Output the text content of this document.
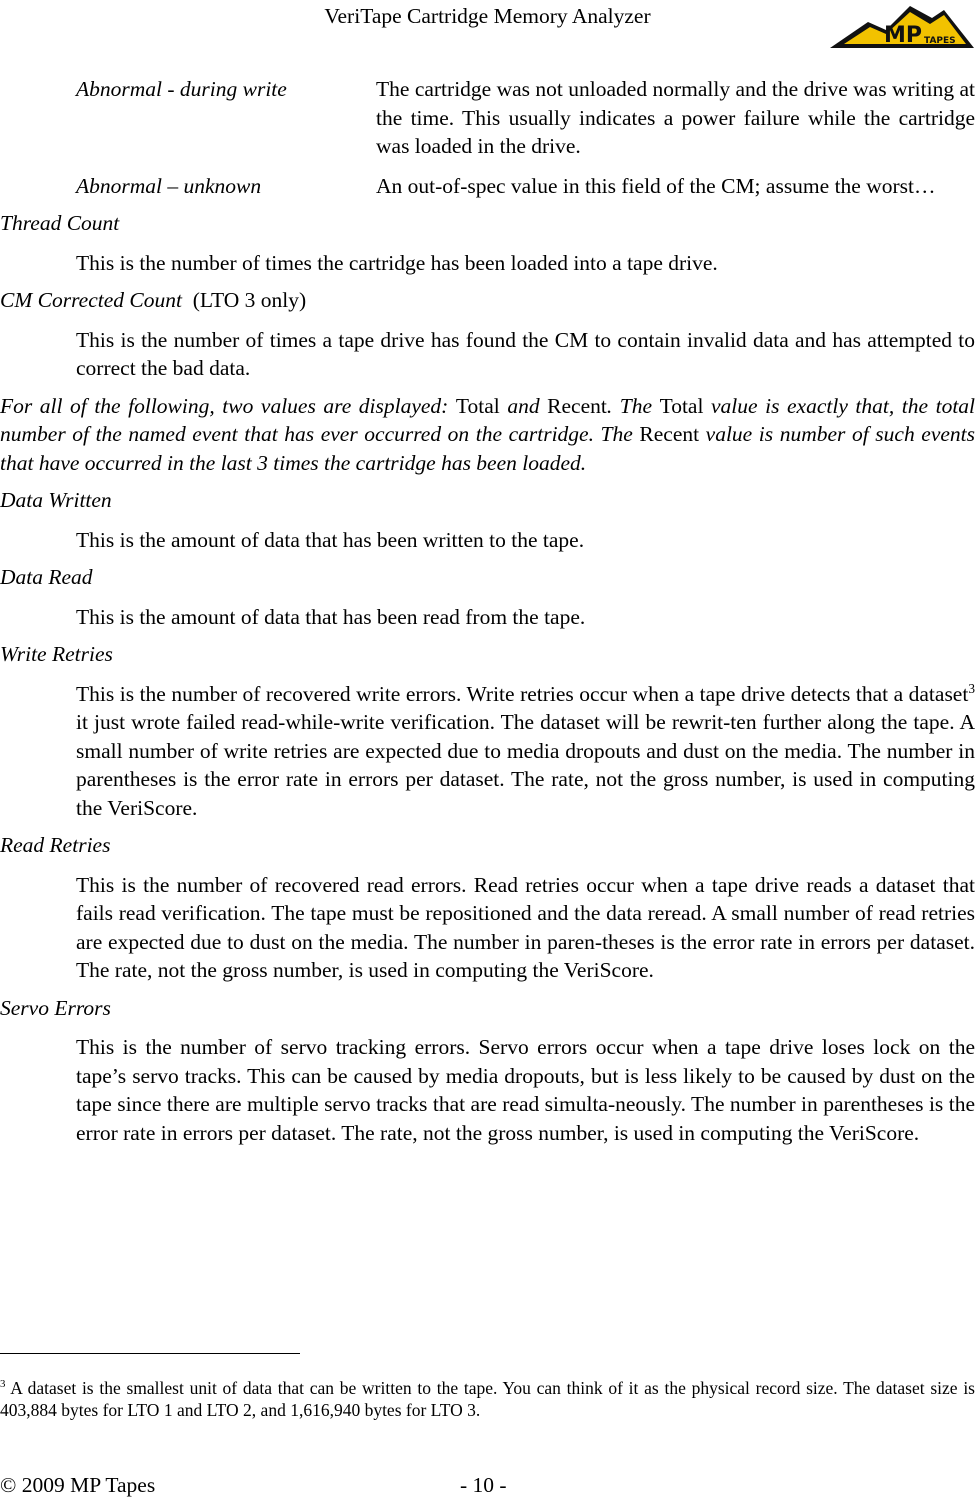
VeriTape Cartridge Memory Analyzer
MP TAPES
Abnormal - during write	The cartridge was not unloaded normally and the drive was writing at the time. This usually indicates a power failure while the cartridge was loaded in the drive.
Abnormal – unknown	An out-of-spec value in this field of the CM; assume the worst…
Thread Count
This is the number of times the cartridge has been loaded into a tape drive.
CM Corrected Count (LTO 3 only)
This is the number of times a tape drive has found the CM to contain invalid data and has attempted to correct the bad data.
For all of the following, two values are displayed: Total and Recent. The Total value is exactly that, the total number of the named event that has ever occurred on the cartridge. The Recent value is number of such events that have occurred in the last 3 times the cartridge has been loaded.
Data Written
This is the amount of data that has been written to the tape.
Data Read
This is the amount of data that has been read from the tape.
Write Retries
This is the number of recovered write errors. Write retries occur when a tape drive detects that a dataset$^3$ it just wrote failed read-while-write verification. The dataset will be rewrit-ten further along the tape. A small number of write retries are expected due to media dropouts and dust on the media. The number in parentheses is the error rate in errors per dataset. The rate, not the gross number, is used in computing the VeriScore.
Read Retries
This is the number of recovered read errors. Read retries occur when a tape drive reads a dataset that fails read verification. The tape must be repositioned and the data reread. A small number of read retries are expected due to dust on the media. The number in paren-theses is the error rate in errors per dataset. The rate, not the gross number, is used in computing the VeriScore.
Servo Errors
This is the number of servo tracking errors. Servo errors occur when a tape drive loses lock on the tape’s servo tracks. This can be caused by media dropouts, but is less likely to be caused by dust on the tape since there are multiple servo tracks that are read simulta-neously. The number in parentheses is the error rate in errors per dataset. The rate, not the gross number, is used in computing the VeriScore.
$^3$ A dataset is the smallest unit of data that can be written to the tape. You can think of it as the physical record size. The dataset size is 403,884 bytes for LTO 1 and LTO 2, and 1,616,940 bytes for LTO 3.
© 2009 MP Tapes	- 10 -
